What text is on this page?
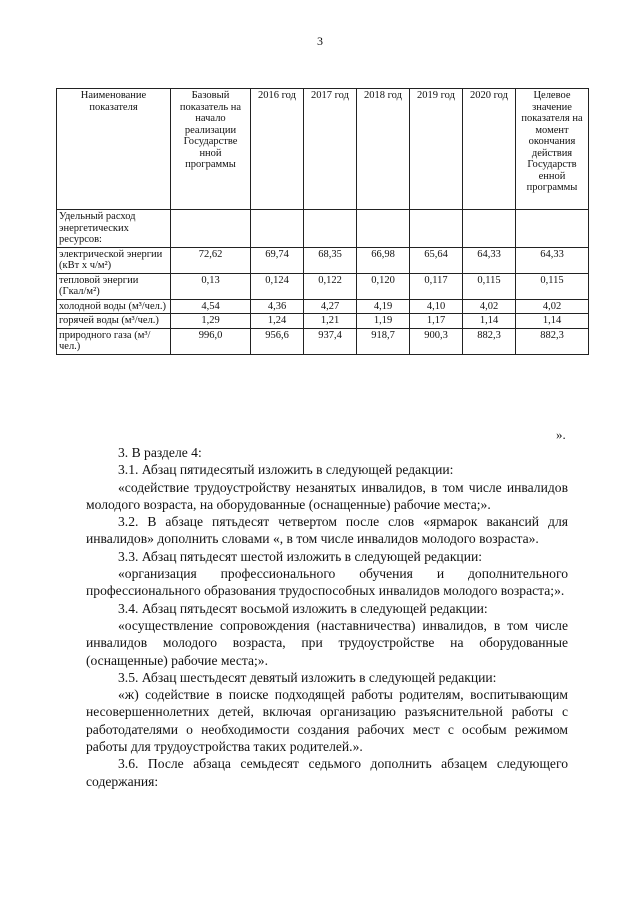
3
Наименование показателя	Базовый показатель на начало реализации Государстве нной программы	2016 год	2017 год	2018 год	2019 год	2020 год	Целевое значение показателя на момент окончания действия Государств енной программы
Удельный расход энергетических ресурсов:							
электрической энергии (кВт х ч/м²)	72,62	69,74	68,35	66,98	65,64	64,33	64,33
тепловой энергии (Гкал/м²)	0,13	0,124	0,122	0,120	0,117	0,115	0,115
холодной воды (м³/чел.)	4,54	4,36	4,27	4,19	4,10	4,02	4,02
горячей воды (м³/чел.)	1,29	1,24	1,21	1,19	1,17	1,14	1,14
природного газа (м³/чел.)	996,0	956,6	937,4	918,7	900,3	882,3	882,3
».

3. В разделе 4:

3.1. Абзац пятидесятый изложить в следующей редакции:

«содействие трудоустройству незанятых инвалидов, в том числе инвалидов молодого возраста, на оборудованные (оснащенные) рабочие места;».

3.2. В абзаце пятьдесят четвертом после слов «ярмарок вакансий для инвалидов» дополнить словами «, в том числе инвалидов молодого возраста».

3.3. Абзац пятьдесят шестой изложить в следующей редакции:

«организация профессионального обучения и дополнительного профессионального образования трудоспособных инвалидов молодого возраста;».

3.4. Абзац пятьдесят восьмой изложить в следующей редакции:

«осуществление сопровождения (наставничества) инвалидов, в том числе инвалидов молодого возраста, при трудоустройстве на оборудованные (оснащенные) рабочие места;».

3.5. Абзац шестьдесят девятый изложить в следующей редакции:

«ж) содействие в поиске подходящей работы родителям, воспитывающим несовершеннолетних детей, включая организацию разъяснительной работы с работодателями о необходимости создания рабочих мест с особым режимом работы для трудоустройства таких родителей.».

3.6. После абзаца семьдесят седьмого дополнить абзацем следующего содержания:
